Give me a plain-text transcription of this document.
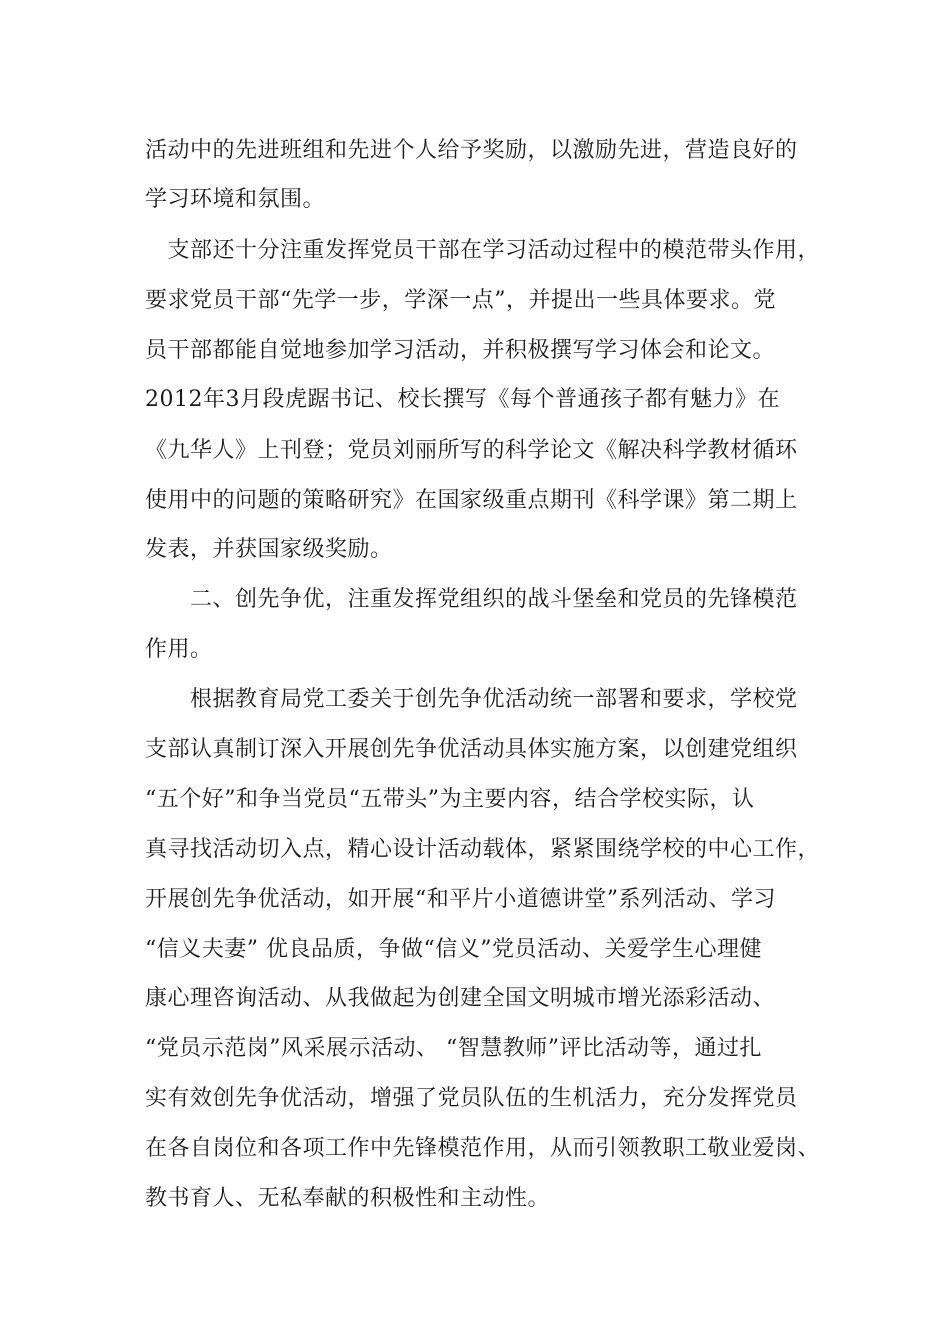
活动中的先进班组和先进个人给予奖励，以激励先进，营造良好的
学习环境和氛围。
　支部还十分注重发挥党员干部在学习活动过程中的模范带头作用，
要求党员干部“先学一步，学深一点”，并提出一些具体要求。党
员干部都能自觉地参加学习活动，并积极撰写学习体会和论文。
2012年3月段虎踞书记、校长撰写《每个普通孩子都有魅力》在
《九华人》上刊登；党员刘丽所写的科学论文《解决科学教材循环
使用中的问题的策略研究》在国家级重点期刊《科学课》第二期上
发表，并获国家级奖励。
　　二、创先争优，注重发挥党组织的战斗堡垒和党员的先锋模范
作用。
　　根据教育局党工委关于创先争优活动统一部署和要求，学校党
支部认真制订深入开展创先争优活动具体实施方案，以创建党组织
“五个好”和争当党员“五带头”为主要内容，结合学校实际，认
真寻找活动切入点，精心设计活动载体，紧紧围绕学校的中心工作，
开展创先争优活动，如开展“和平片小道德讲堂”系列活动、学习
“信义夫妻” 优良品质，争做“信义”党员活动、关爱学生心理健
康心理咨询活动、从我做起为创建全国文明城市增光添彩活动、
“党员示范岗”风采展示活动、 “智慧教师”评比活动等，通过扎
实有效创先争优活动，增强了党员队伍的生机活力，充分发挥党员
在各自岗位和各项工作中先锋模范作用，从而引领教职工敬业爱岗、
教书育人、无私奉献的积极性和主动性。
